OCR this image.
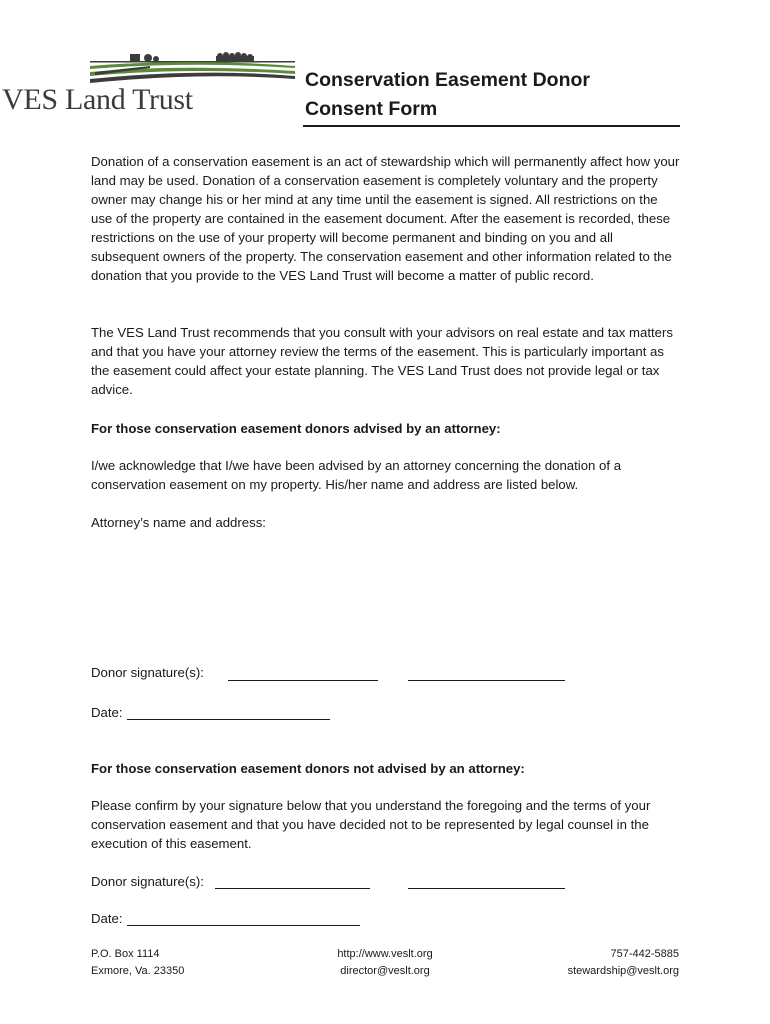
VES Land Trust
Conservation Easement Donor
Consent Form
Donation of a conservation easement is an act of stewardship which will permanently affect how your land may be used. Donation of a conservation easement is completely voluntary and the property owner may change his or her mind at any time until the easement is signed. All restrictions on the use of the property are contained in the easement document. After the easement is recorded, these restrictions on the use of your property will become permanent and binding on you and all subsequent owners of the property. The conservation easement and other information related to the donation that you provide to the VES Land Trust will become a matter of public record.
The VES Land Trust recommends that you consult with your advisors on real estate and tax matters and that you have your attorney review the terms of the easement. This is particularly important as the easement could affect your estate planning. The VES Land Trust does not provide legal or tax advice.
For those conservation easement donors advised by an attorney:
I/we acknowledge that I/we have been advised by an attorney concerning the donation of a conservation easement on my property. His/her name and address are listed below.
Attorney’s name and address:
Donor signature(s):
Date:
For those conservation easement donors not advised by an attorney:
Please confirm by your signature below that you understand the foregoing and the terms of your conservation easement and that you have decided not to be represented by legal counsel in the execution of this easement.
Donor signature(s):
Date:
P.O. Box 1114
Exmore, Va. 23350
http://www.veslt.org
director@veslt.org
757-442-5885
stewardship@veslt.org
